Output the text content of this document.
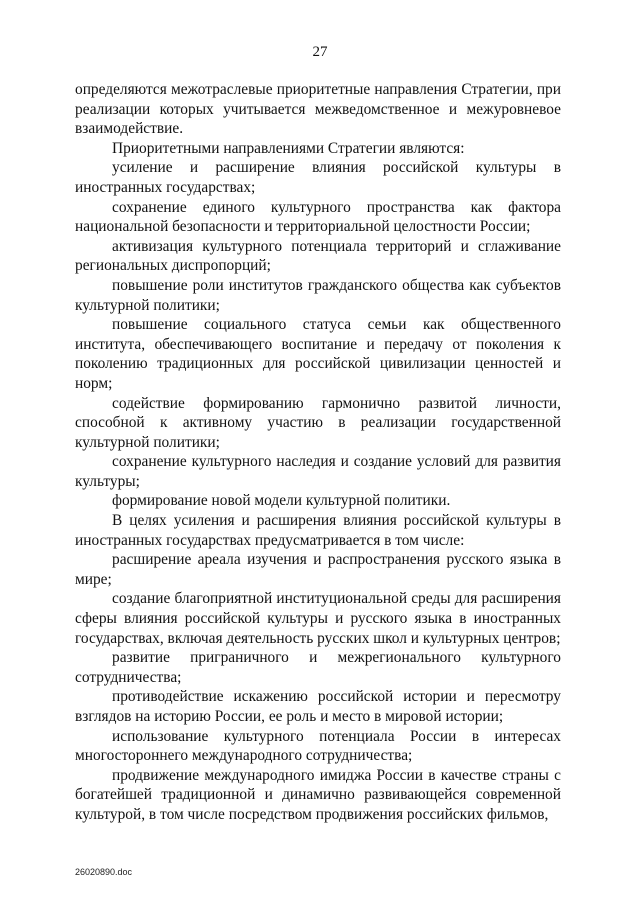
27

определяются межотраслевые приоритетные направления Стратегии, при реализации которых учитывается межведомственное и межуровневое взаимодействие.

Приоритетными направлениями Стратегии являются:

усиление и расширение влияния российской культуры в иностранных государствах;

сохранение единого культурного пространства как фактора национальной безопасности и территориальной целостности России;

активизация культурного потенциала территорий и сглаживание региональных диспропорций;

повышение роли институтов гражданского общества как субъектов культурной политики;

повышение социального статуса семьи как общественного института, обеспечивающего воспитание и передачу от поколения к поколению традиционных для российской цивилизации ценностей и норм;

содействие формированию гармонично развитой личности, способной к активному участию в реализации государственной культурной политики;

сохранение культурного наследия и создание условий для развития культуры;

формирование новой модели культурной политики.

В целях усиления и расширения влияния российской культуры в иностранных государствах предусматривается в том числе:

расширение ареала изучения и распространения русского языка в мире;

создание благоприятной институциональной среды для расширения сферы влияния российской культуры и русского языка в иностранных государствах, включая деятельность русских школ и культурных центров;

развитие приграничного и межрегионального культурного сотрудничества;

противодействие искажению российской истории и пересмотру взглядов на историю России, ее роль и место в мировой истории;

использование культурного потенциала России в интересах многостороннего международного сотрудничества;

продвижение международного имиджа России в качестве страны с богатейшей традиционной и динамично развивающейся современной культурой, в том числе посредством продвижения российских фильмов,

26020890.doc
